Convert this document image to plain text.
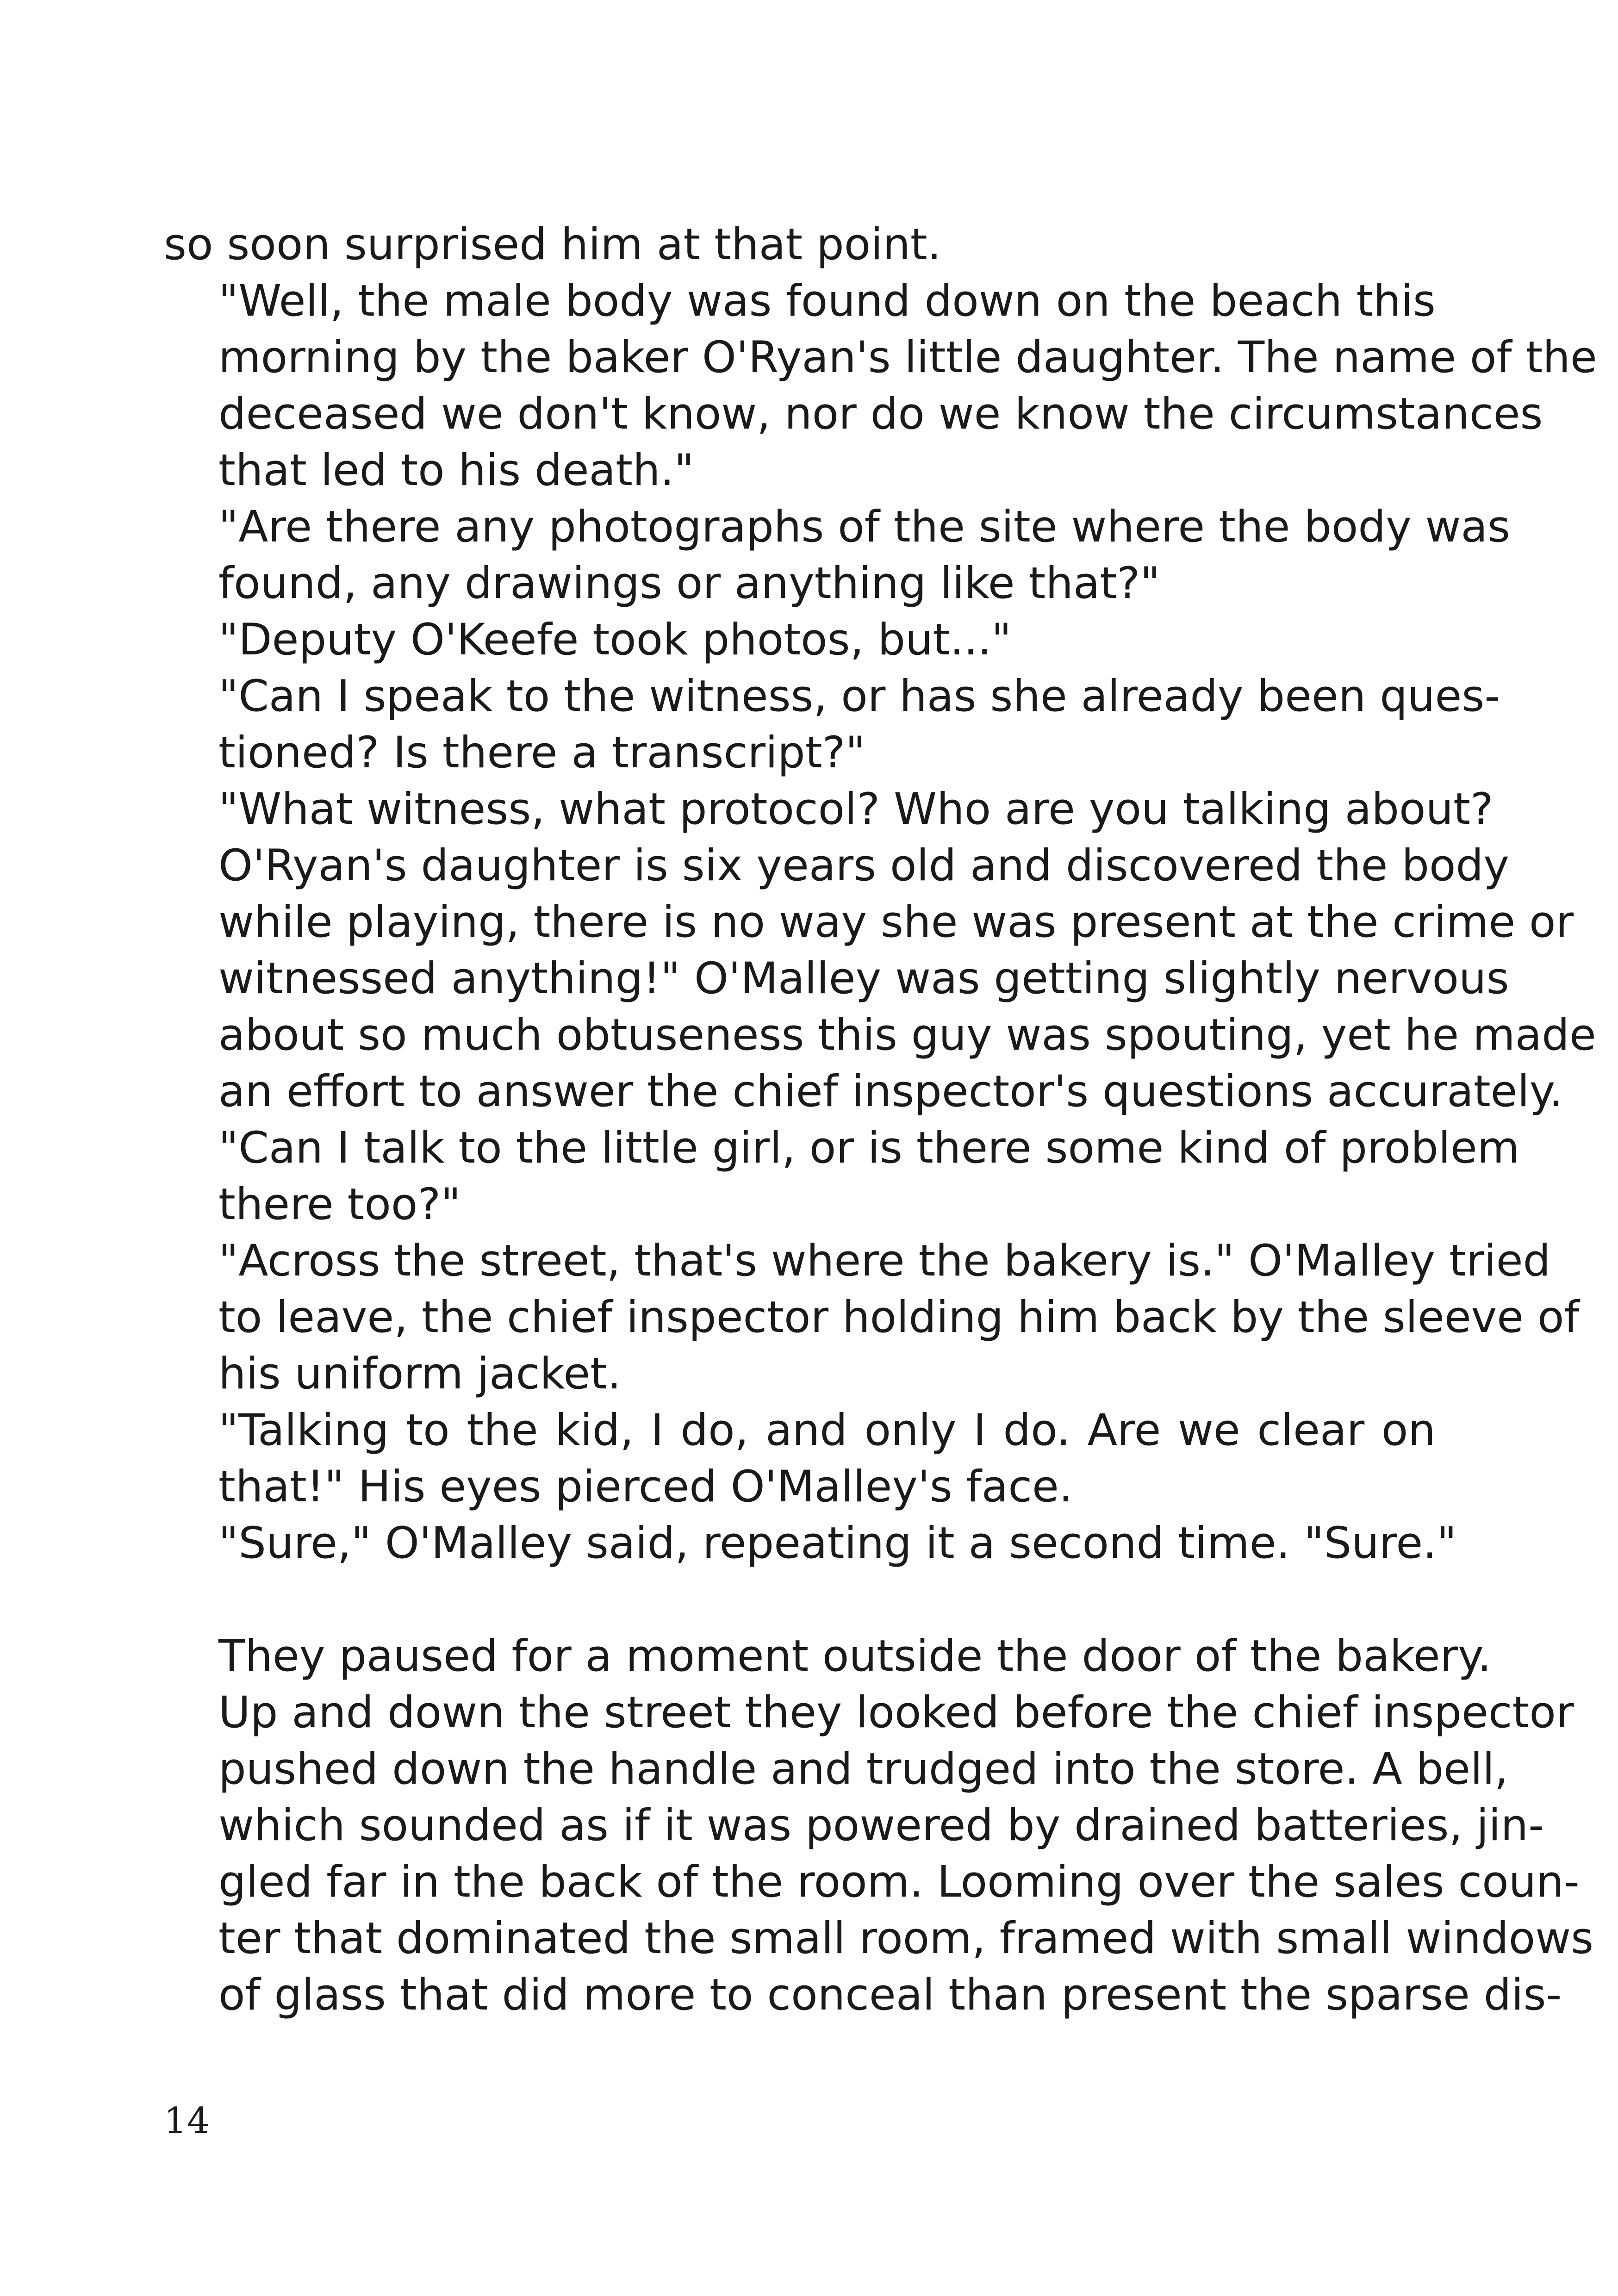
so soon surprised him at that point.
"Well, the male body was found down on the beach this
morning by the baker O'Ryan's little daughter. The name of the
deceased we don't know, nor do we know the circumstances
that led to his death."
"Are there any photographs of the site where the body was
found, any drawings or anything like that?"
"Deputy O'Keefe took photos, but..."
"Can I speak to the witness, or has she already been ques-
tioned? Is there a transcript?"
"What witness, what protocol? Who are you talking about?
O'Ryan's daughter is six years old and discovered the body
while playing, there is no way she was present at the crime or
witnessed anything!" O'Malley was getting slightly nervous
about so much obtuseness this guy was spouting, yet he made
an effort to answer the chief inspector's questions accurately.
"Can I talk to the little girl, or is there some kind of problem
there too?"
"Across the street, that's where the bakery is." O'Malley tried
to leave, the chief inspector holding him back by the sleeve of
his uniform jacket.
"Talking to the kid, I do, and only I do. Are we clear on
that!" His eyes pierced O'Malley's face.
"Sure," O'Malley said, repeating it a second time. "Sure."
They paused for a moment outside the door of the bakery.
Up and down the street they looked before the chief inspector
pushed down the handle and trudged into the store. A bell,
which sounded as if it was powered by drained batteries, jin-
gled far in the back of the room. Looming over the sales coun-
ter that dominated the small room, framed with small windows
of glass that did more to conceal than present the sparse dis-
14
